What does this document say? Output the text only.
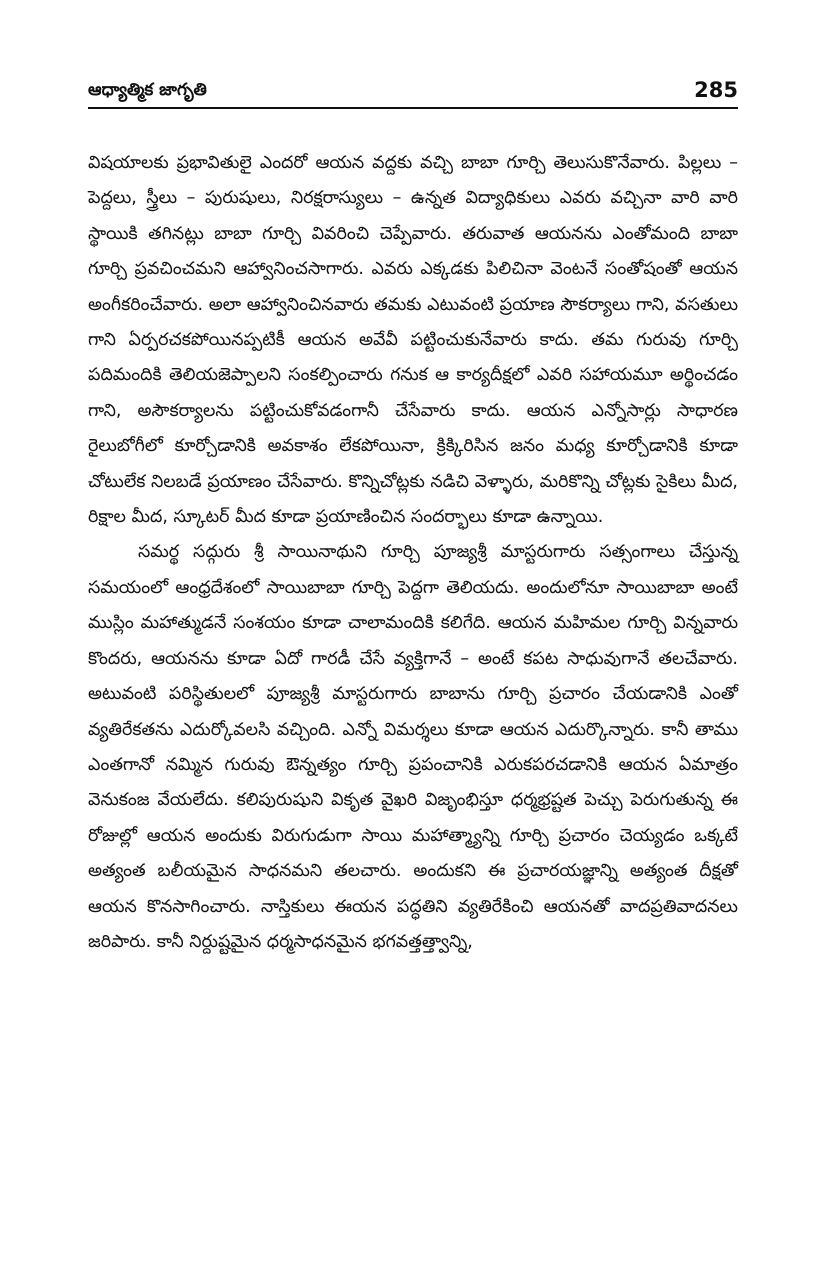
ఆధ్యాత్మిక జాగృతి	285

విషయాలకు ప్రభావితులై ఎందరో ఆయన వద్దకు వచ్చి బాబా గూర్చి తెలుసుకొనేవారు. పిల్లలు – పెద్దలు, స్త్రీలు – పురుషులు, నిరక్షరాస్యులు – ఉన్నత విద్యాధికులు ఎవరు వచ్చినా వారి వారి స్థాయికి తగినట్లు బాబా గూర్చి వివరించి చెప్పేవారు. తరువాత ఆయనను ఎంతోమంది బాబా గూర్చి ప్రవచించమని ఆహ్వానించసాగారు. ఎవరు ఎక్కడకు పిలిచినా వెంటనే సంతోషంతో ఆయన అంగీకరించేవారు. అలా ఆహ్వానించినవారు తమకు ఎటువంటి ప్రయాణ సౌకర్యాలు గాని, వసతులు గాని ఏర్పరచకపోయినప్పటికీ ఆయన అవేవీ పట్టించుకునేవారు కాదు. తమ గురువు గూర్చి పదిమందికి తెలియజెప్పాలని సంకల్పించారు గనుక ఆ కార్యదీక్షలో ఎవరి సహాయమూ అర్థించడం గాని, అసౌకర్యాలను పట్టించుకోవడంగానీ చేసేవారు కాదు. ఆయన ఎన్నోసార్లు సాధారణ రైలుబోగీలో కూర్చోడానికి అవకాశం లేకపోయినా, క్రిక్కిరిసిన జనం మధ్య కూర్చోడానికి కూడా చోటులేక నిలబడే ప్రయాణం చేసేవారు. కొన్నిచోట్లకు నడిచి వెళ్ళారు, మరికొన్ని చోట్లకు సైకిలు మీద, రిక్షాల మీద, స్కూటర్ మీద కూడా ప్రయాణించిన సందర్భాలు కూడా ఉన్నాయి.

సమర్థ సద్గురు శ్రీ సాయినాథుని గూర్చి పూజ్యశ్రీ మాస్టరుగారు సత్సంగాలు చేస్తున్న సమయంలో ఆంధ్రదేశంలో సాయిబాబా గూర్చి పెద్దగా తెలియదు. అందులోనూ సాయిబాబా అంటే ముస్లిం మహాత్ముడనే సంశయం కూడా చాలామందికి కలిగేది. ఆయన మహిమల గూర్చి విన్నవారు కొందరు, ఆయనను కూడా ఏదో గారడీ చేసే వ్యక్తిగానే – అంటే కపట సాధువుగానే తలచేవారు. అటువంటి పరిస్థితులలో పూజ్యశ్రీ మాస్టరుగారు బాబాను గూర్చి ప్రచారం చేయడానికి ఎంతో వ్యతిరేకతను ఎదుర్కోవలసి వచ్చింది. ఎన్నో విమర్శలు కూడా ఆయన ఎదుర్కొన్నారు. కానీ తాము ఎంతగానో నమ్మిన గురువు ఔన్నత్యం గూర్చి ప్రపంచానికి ఎరుకపరచడానికి ఆయన ఏమాత్రం వెనుకంజ వేయలేదు. కలిపురుషుని వికృత వైఖరి విజృంభిస్తూ ధర్మభ్రష్టత పెచ్చు పెరుగుతున్న ఈ రోజుల్లో ఆయన అందుకు విరుగుడుగా సాయి మహాత్మ్యాన్ని గూర్చి ప్రచారం చెయ్యడం ఒక్కటే అత్యంత బలీయమైన సాధనమని తలచారు. అందుకని ఈ ప్రచారయజ్ఞాన్ని అత్యంత దీక్షతో ఆయన కొనసాగించారు. నాస్తికులు ఈయన పద్ధతిని వ్యతిరేకించి ఆయనతో వాదప్రతివాదనలు జరిపారు. కానీ నిర్దుష్టమైన ధర్మసాధనమైన భగవత్తత్త్వాన్ని,
